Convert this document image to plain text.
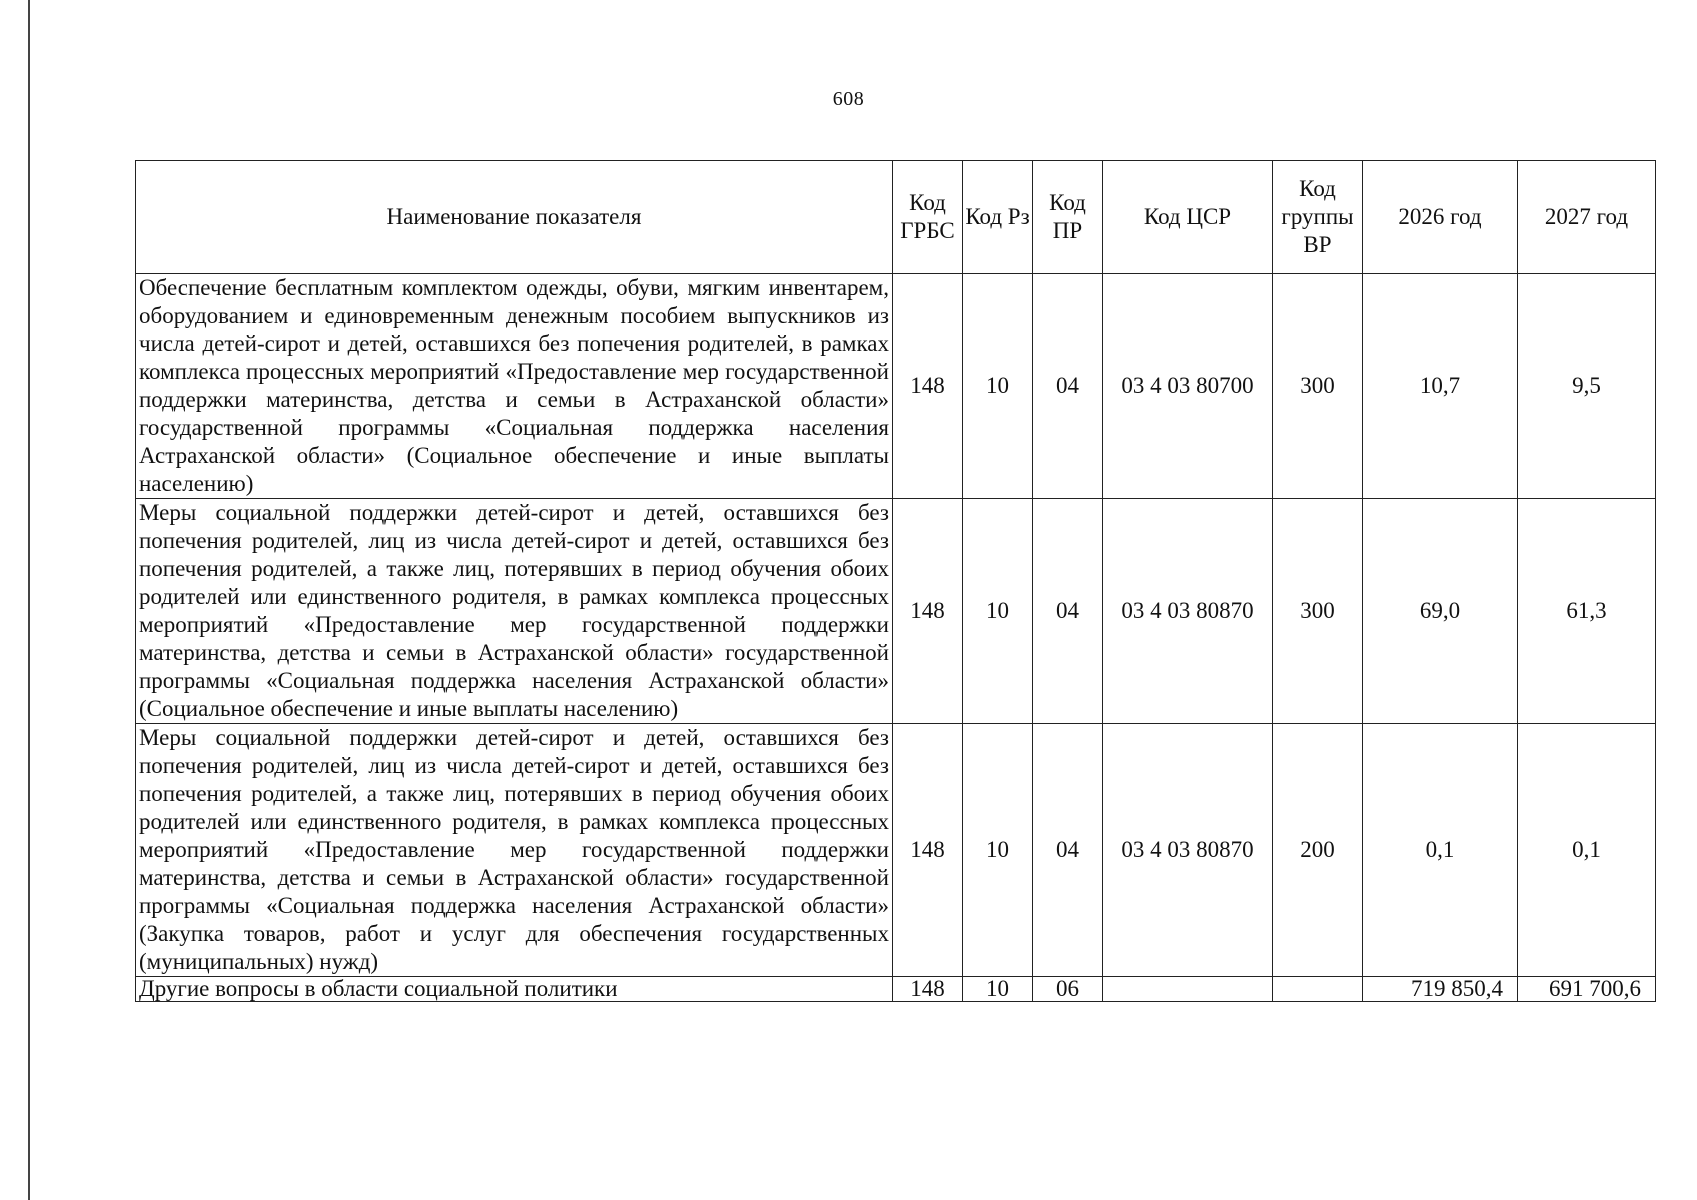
608
Наименование показателя	Код ГРБС	Код Рз	Код ПР	Код ЦСР	Код группы ВР	2026 год	2027 год
Обеспечение бесплатным комплектом одежды, обуви, мягким инвентарем, оборудованием и единовременным денежным пособием выпускников из числа детей-сирот и детей, оставшихся без попечения родителей, в рамках комплекса процессных мероприятий «Предоставление мер государственной поддержки материнства, детства и семьи в Астраханской области» государственной программы «Социальная поддержка населения Астраханской области» (Социальное обеспечение и иные выплаты населению)	148	10	04	03 4 03 80700	300	10,7	9,5
Меры социальной поддержки детей-сирот и детей, оставшихся без попечения родителей, лиц из числа детей-сирот и детей, оставшихся без попечения родителей, а также лиц, потерявших в период обучения обоих родителей или единственного родителя, в рамках комплекса процессных мероприятий «Предоставление мер государственной поддержки материнства, детства и семьи в Астраханской области» государственной программы «Социальная поддержка населения Астраханской области» (Социальное обеспечение и иные выплаты населению)	148	10	04	03 4 03 80870	300	69,0	61,3
Меры социальной поддержки детей-сирот и детей, оставшихся без попечения родителей, лиц из числа детей-сирот и детей, оставшихся без попечения родителей, а также лиц, потерявших в период обучения обоих родителей или единственного родителя, в рамках комплекса процессных мероприятий «Предоставление мер государственной поддержки материнства, детства и семьи в Астраханской области» государственной программы «Социальная поддержка населения Астраханской области» (Закупка товаров, работ и услуг для обеспечения государственных (муниципальных) нужд)	148	10	04	03 4 03 80870	200	0,1	0,1
Другие вопросы в области социальной политики	148	10	06			719 850,4	691 700,6
